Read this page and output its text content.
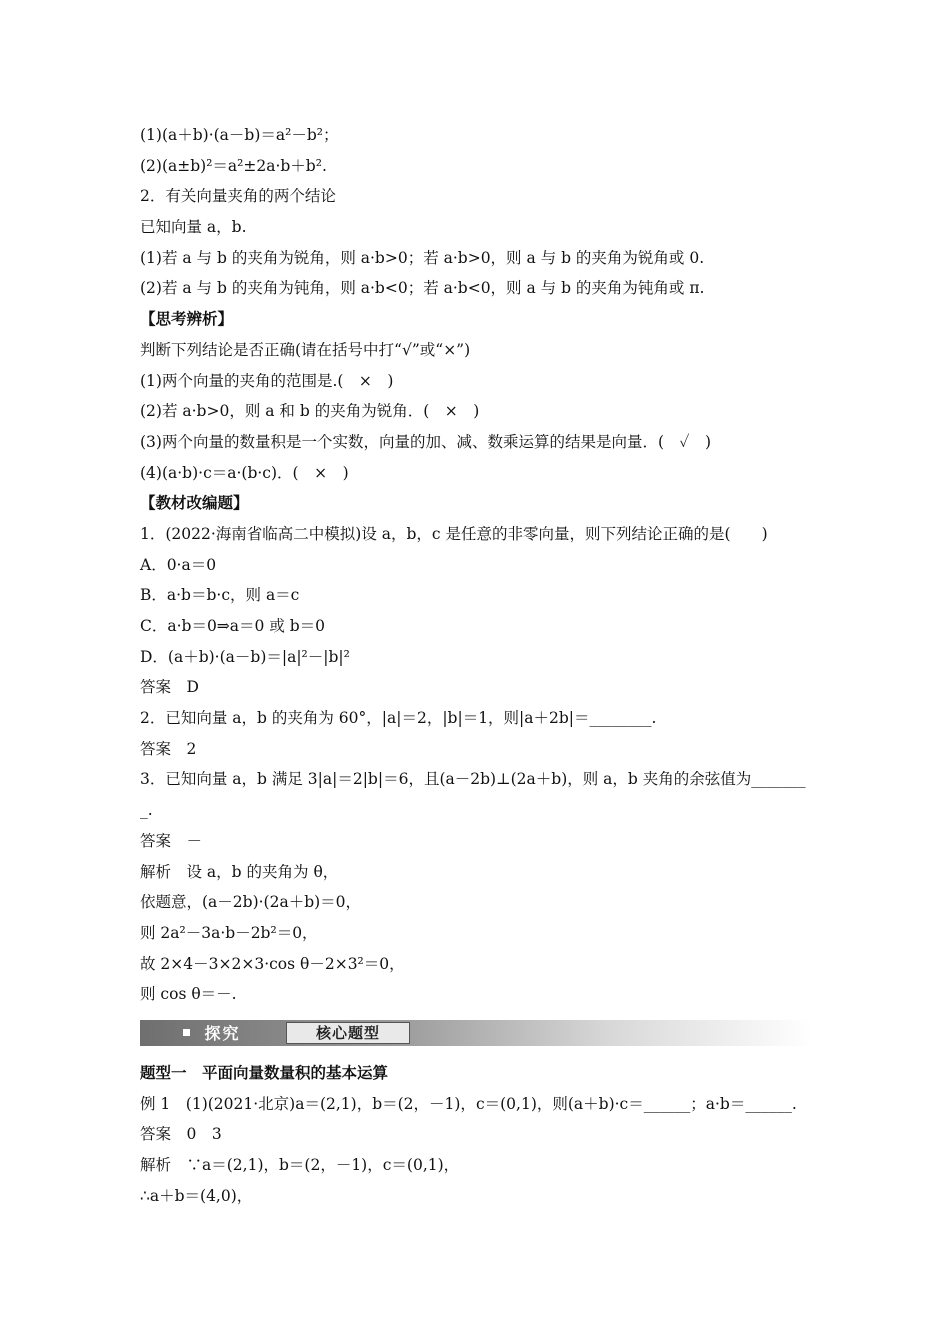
(1)(a＋b)·(a－b)＝a²－b²；
(2)(a±b)²＝a²±2a·b＋b².
2．有关向量夹角的两个结论
已知向量 a，b.
(1)若 a 与 b 的夹角为锐角，则 a·b>0；若 a·b>0，则 a 与 b 的夹角为锐角或 0.
(2)若 a 与 b 的夹角为钝角，则 a·b<0；若 a·b<0，则 a 与 b 的夹角为钝角或 π.
【思考辨析】
判断下列结论是否正确(请在括号中打“√”或“×”)
(1)两个向量的夹角的范围是.(　×　)
(2)若 a·b>0，则 a 和 b 的夹角为锐角．(　×　)
(3)两个向量的数量积是一个实数，向量的加、减、数乘运算的结果是向量．(　✓　)
(4)(a·b)·c＝a·(b·c)．(　×　)
【教材改编题】
1．(2022·海南省临高二中模拟)设 a，b，c 是任意的非零向量，则下列结论正确的是(　　)
A．0·a＝0
B．a·b＝b·c，则 a＝c
C．a·b＝0⇒a＝0 或 b＝0
D．(a＋b)·(a－b)＝|a|²－|b|²
答案　D
2．已知向量 a，b 的夹角为 60°，|a|＝2，|b|＝1，则|a＋2b|＝________.
答案　2
3．已知向量 a，b 满足 3|a|＝2|b|＝6，且(a－2b)⊥(2a＋b)，则 a，b 夹角的余弦值为_______
_.
答案　－
解析　设 a，b 的夹角为 θ，
依题意，(a－2b)·(2a＋b)＝0，
则 2a²－3a·b－2b²＝0，
故 2×4－3×2×3·cos θ－2×3²＝0，
则 cos θ＝－.
探究	核心题型
题型一　平面向量数量积的基本运算
例 1　(1)(2021·北京)a＝(2,1)，b＝(2，－1)，c＝(0,1)，则(a＋b)·c＝______；a·b＝______.
答案　0　3
解析　∵a＝(2,1)，b＝(2，－1)，c＝(0,1)，
∴a＋b＝(4,0)，
